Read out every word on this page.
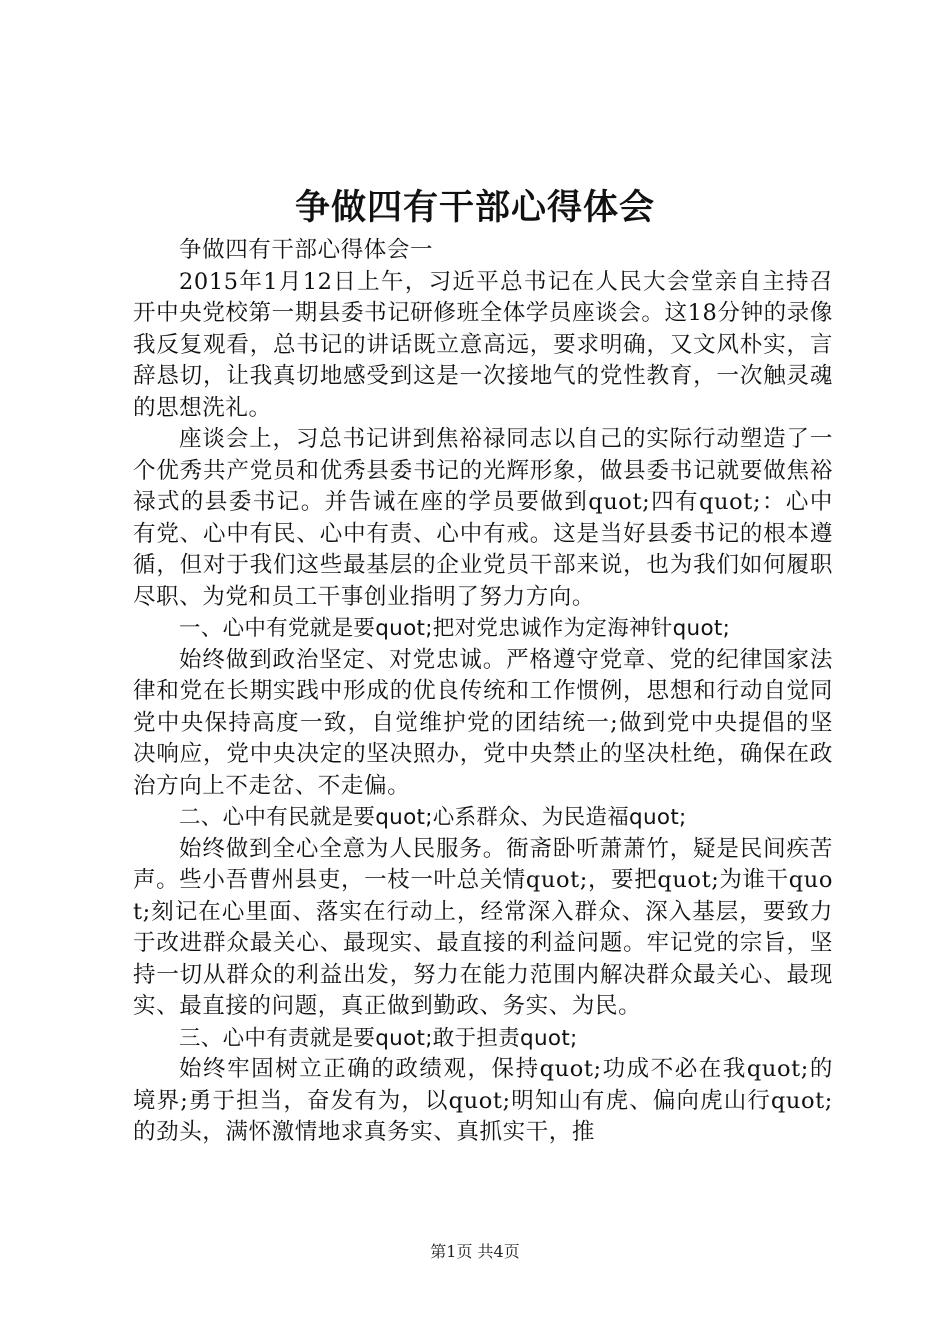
争做四有干部心得体会

争做四有干部心得体会一

2015年1月12日上午，习近平总书记在人民大会堂亲自主持召开中央党校第一期县委书记研修班全体学员座谈会。这18分钟的录像我反复观看，总书记的讲话既立意高远，要求明确，又文风朴实，言辞恳切，让我真切地感受到这是一次接地气的党性教育，一次触灵魂的思想洗礼。

座谈会上，习总书记讲到焦裕禄同志以自己的实际行动塑造了一个优秀共产党员和优秀县委书记的光辉形象，做县委书记就要做焦裕禄式的县委书记。并告诫在座的学员要做到quot;四有quot;：心中有党、心中有民、心中有责、心中有戒。这是当好县委书记的根本遵循，但对于我们这些最基层的企业党员干部来说，也为我们如何履职尽职、为党和员工干事创业指明了努力方向。

一、心中有党就是要quot;把对党忠诚作为定海神针quot;

始终做到政治坚定、对党忠诚。严格遵守党章、党的纪律国家法律和党在长期实践中形成的优良传统和工作惯例，思想和行动自觉同党中央保持高度一致，自觉维护党的团结统一;做到党中央提倡的坚决响应，党中央决定的坚决照办，党中央禁止的坚决杜绝，确保在政治方向上不走岔、不走偏。

二、心中有民就是要quot;心系群众、为民造福quot;

始终做到全心全意为人民服务。衙斋卧听萧萧竹，疑是民间疾苦声。些小吾曹州县吏，一枝一叶总关情quot;，要把quot;为谁干quot;刻记在心里面、落实在行动上，经常深入群众、深入基层，要致力于改进群众最关心、最现实、最直接的利益问题。牢记党的宗旨，坚持一切从群众的利益出发，努力在能力范围内解决群众最关心、最现实、最直接的问题，真正做到勤政、务实、为民。

三、心中有责就是要quot;敢于担责quot;

始终牢固树立正确的政绩观，保持quot;功成不必在我quot;的境界;勇于担当，奋发有为，以quot;明知山有虎、偏向虎山行quot;的劲头，满怀激情地求真务实、真抓实干，推

第1页 共4页
